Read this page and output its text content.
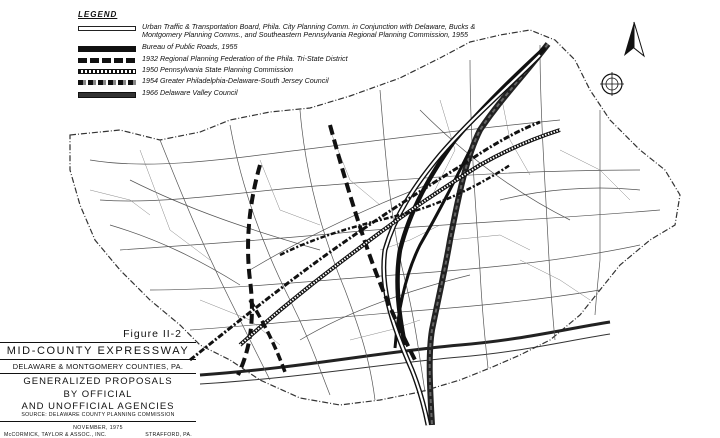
LEGEND
Urban Traffic & Transportation Board, Phila. City Planning Comm. in Conjunction with Delaware, Bucks & Montgomery Planning Comms., and Southeastern Pennsylvania Regional Planning Commission, 1955
Bureau of Public Roads, 1955
1932 Regional Planning Federation of the Phila. Tri-State District
1950 Pennsylvania State Planning Commission
1954 Greater Philadelphia-Delaware-South Jersey Council
1966 Delaware Valley Council
Figure II-2
MID-COUNTY EXPRESSWAY
DELAWARE & MONTGOMERY COUNTIES, PA.
GENERALIZED PROPOSALS
BY OFFICIAL
AND UNOFFICIAL AGENCIES
SOURCE: DELAWARE COUNTY PLANNING COMMISSION
NOVEMBER, 1975
McCORMICK, TAYLOR & ASSOC., INC.	STRAFFORD, PA.
